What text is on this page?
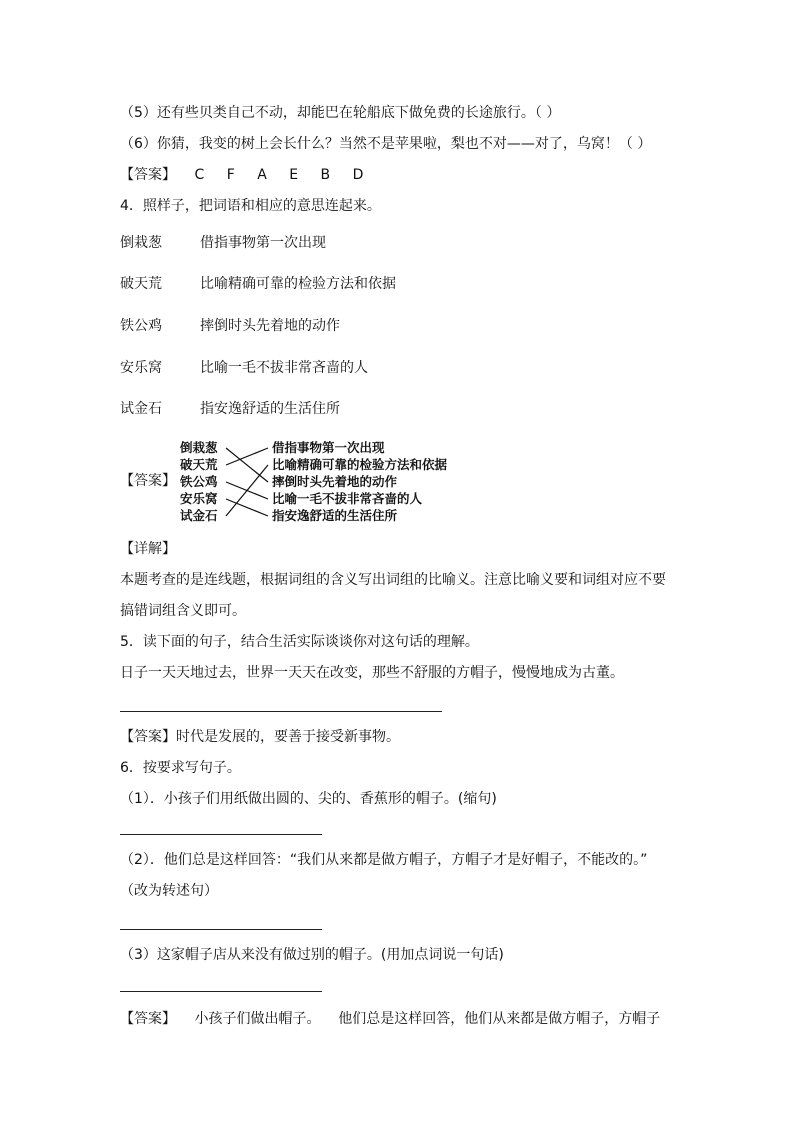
（5）还有些贝类自己不动，却能巴在轮船底下做免费的长途旅行。（ ）
（6）你猜，我变的树上会长什么？当然不是苹果啦，梨也不对——对了，乌窝！（ ）
【答案】 C F A E B D
4．照样子，把词语和相应的意思连起来。
倒栽葱	借指事物第一次出现
破天荒	比喻精确可靠的检验方法和依据
铁公鸡	摔倒时头先着地的动作
安乐窝	比喻一毛不拔非常吝啬的人
试金石	指安逸舒适的生活住所
【答案】
倒栽葱
破天荒
铁公鸡
安乐窝
试金石
借指事物第一次出现
比喻精确可靠的检验方法和依据
摔倒时头先着地的动作
比喻一毛不拔非常吝啬的人
指安逸舒适的生活住所
【详解】
本题考查的是连线题，根据词组的含义写出词组的比喻义。注意比喻义要和词组对应不要
搞错词组含义即可。
5．读下面的句子，结合生活实际谈谈你对这句话的理解。
日子一天天地过去，世界一天天在改变，那些不舒服的方帽子，慢慢地成为古董。
【答案】时代是发展的，要善于接受新事物。
6．按要求写句子。
（1）．小孩子们用纸做出圆的、尖的、香蕉形的帽子。(缩句)
（2）．他们总是这样回答：“我们从来都是做方帽子，方帽子才是好帽子，不能改的。”
（改为转述句）
（3）这家帽子店从来没有做过别的帽子。(用加点词说一句话)
【答案】 小孩子们做出帽子。    他们总是这样回答，他们从来都是做方帽子，方帽子
